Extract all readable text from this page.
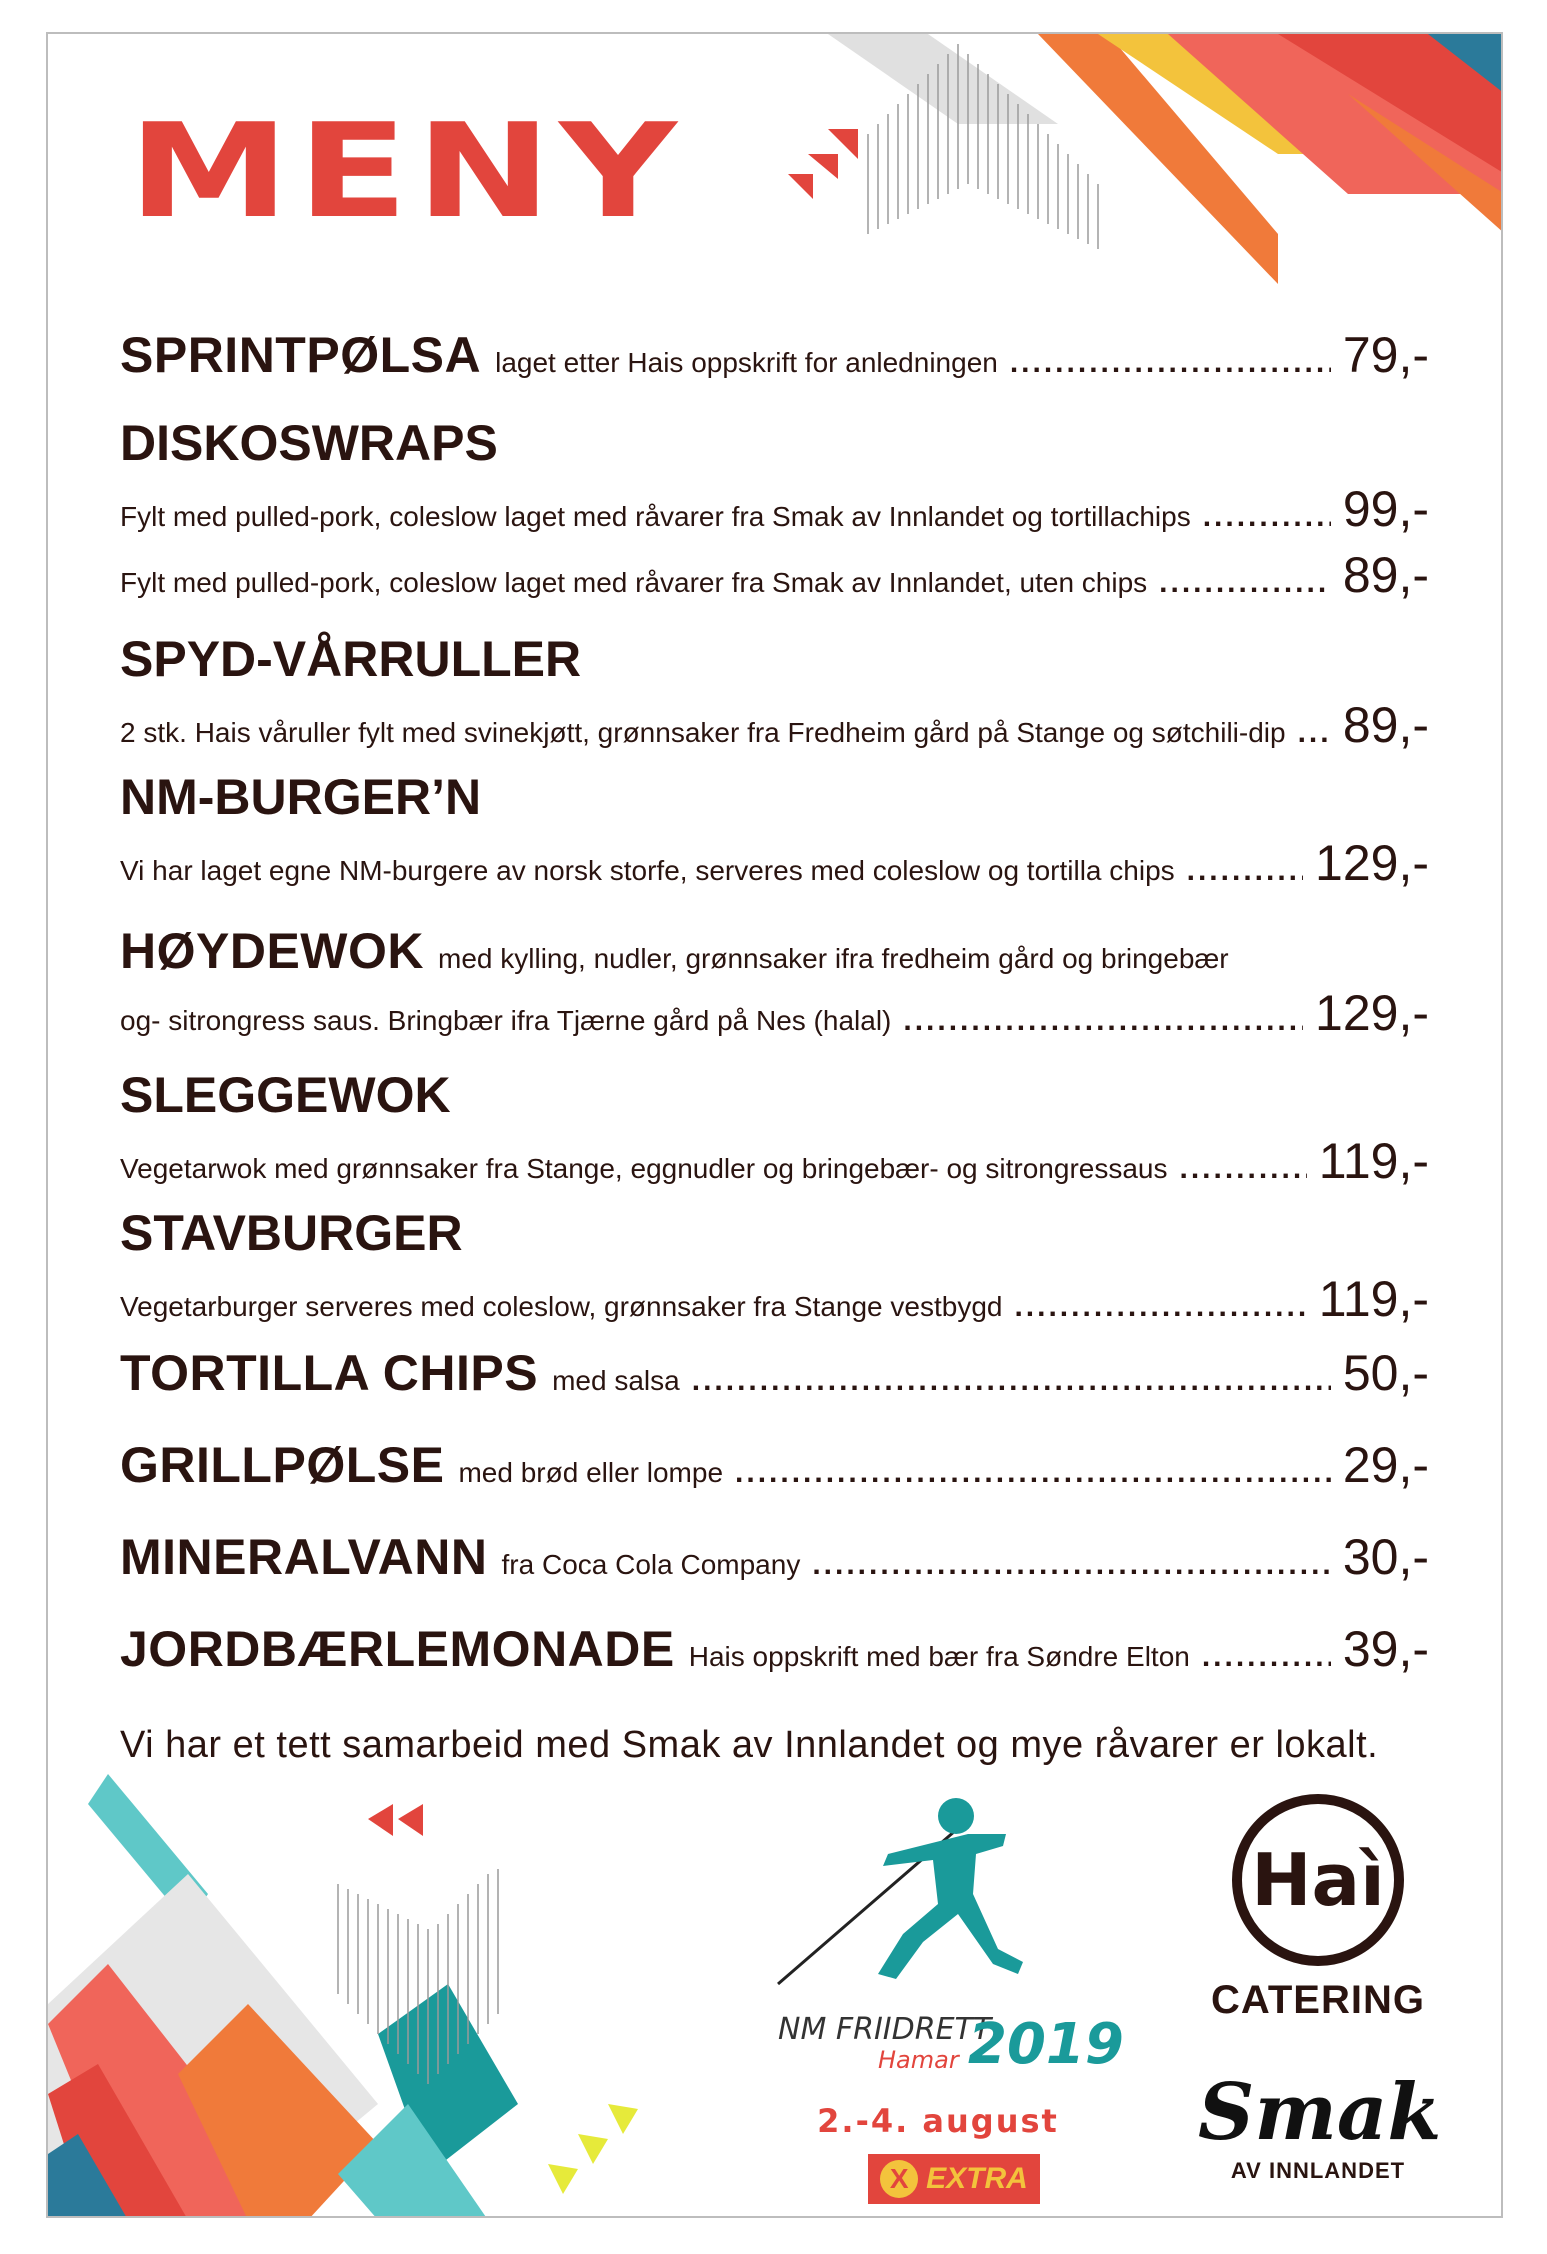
MENY
SPRINTPØLSA laget etter Hais oppskrift for anledningen .....	79,-
DISKOSWRAPS
Fylt med pulled-pork, coleslow laget med råvarer fra Smak av Innlandet og tortillachips .....	99,-
Fylt med pulled-pork, coleslow laget med råvarer fra Smak av Innlandet, uten chips .....	89,-
SPYD-VÅRRULLER
2 stk. Hais våruller fylt med svinekjøtt, grønnsaker fra Fredheim gård på Stange og søtchili-dip ..... 89,-
NM-BURGER’N
Vi har laget egne NM-burgere av norsk storfe, serveres med coleslow og tortilla chips .....	129,-
HØYDEWOK med kylling, nudler, grønnsaker ifra fredheim gård og bringebær
og- sitrongress saus. Bringbær ifra Tjærne gård på Nes (halal) .....	129,-
SLEGGEWOK
Vegetarwok med grønnsaker fra Stange, eggnudler og bringebær- og sitrongressaus .....	119,-
STAVBURGER
Vegetarburger serveres med coleslow, grønnsaker fra Stange vestbygd .....	119,-
TORTILLA CHIPS med salsa .....	50,-
GRILLPØLSE med brød eller lompe .....	29,-
MINERALVANN fra Coca Cola Company .....	30,-
JORDBÆRLEMONADE Hais oppskrift med bær fra Søndre Elton .....	39,-
Vi har et tett samarbeid med Smak av Innlandet og mye råvarer er lokalt.
NM FRIIDRETT
Hamar 2019
2.-4. august
X EXTRA
Haì
CATERING
Smak
AV INNLANDET
